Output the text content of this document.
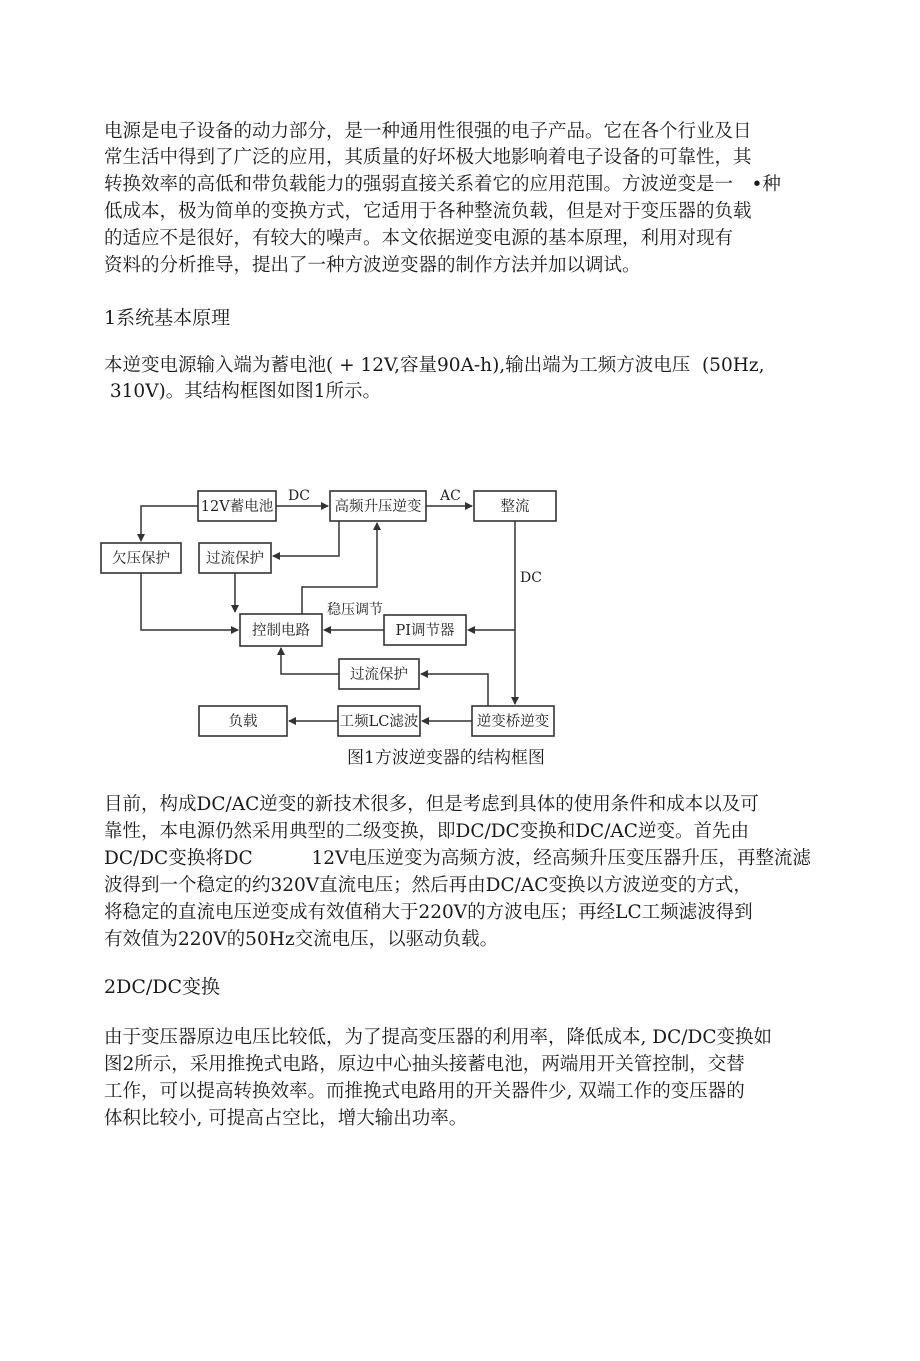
电源是电子设备的动力部分，是一种通用性很强的电子产品。它在各个行业及日
常生活中得到了广泛的应用，其质量的好坏极大地影响着电子设备的可靠性，其
转换效率的高低和带负载能力的强弱直接关系着它的应用范围。方波逆变是一　•种
低成本，极为简单的变换方式，它适用于各种整流负载，但是对于变压器的负载
的适应不是很好，有较大的噪声。本文依据逆变电源的基本原理，利用对现有
资料的分析推导，提出了一种方波逆变器的制作方法并加以调试。
1系统基本原理
本逆变电源输入端为蓄电池( + 12V,容量90A-h),输出端为工频方波电压  (50Hz,
310V)。其结构框图如图1所示。
12V蓄电池	高频升压逆变	整流
欠压保护 过流保护
控制电路	PI调节器
过流保护
负载	工频LC滤波	逆变桥逆变
DC	AC
DC
稳压调节
图1方波逆变器的结构框图
目前，构成DC/AC逆变的新技术很多，但是考虑到具体的使用条件和成本以及可
靠性，本电源仍然采用典型的二级变换，即DC/DC变换和DC/AC逆变。首先由
DC/DC变换将DC          12V电压逆变为高频方波，经高频升压变压器升压，再整流滤
波得到一个稳定的约320V直流电压；然后再由DC/AC变换以方波逆变的方式，
将稳定的直流电压逆变成有效值稍大于220V的方波电压；再经LC工频滤波得到
有效值为220V的50Hz交流电压，以驱动负载。
2DC/DC变换
由于变压器原边电压比较低，为了提高变压器的利用率，降低成本, DC/DC变换如
图2所示，采用推挽式电路，原边中心抽头接蓄电池，两端用开关管控制，交替
工作，可以提高转换效率。而推挽式电路用的开关器件少, 双端工作的变压器的
体积比较小, 可提高占空比，增大输出功率。
